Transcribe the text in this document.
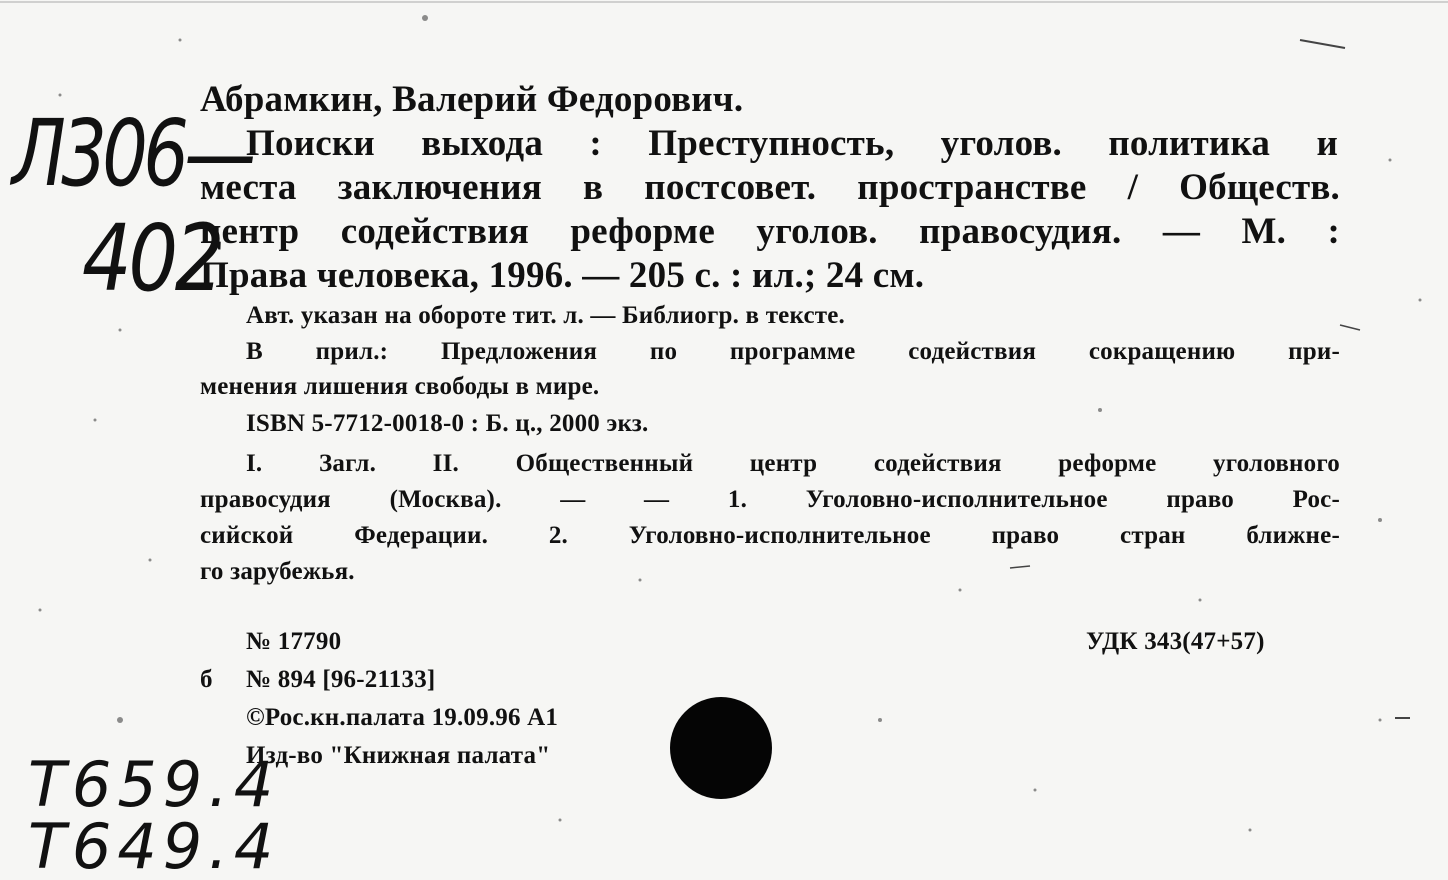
Л306—
402
Абрамкин, Валерий Федорович.
Поиски выхода : Преступность, уголов. политика и
места заключения в постсовет. пространстве / Обществ.
центр содействия реформе уголов. правосудия. — М. :
Права человека, 1996. — 205 с. : ил.; 24 см.
Авт. указан на обороте тит. л. — Библиогр. в тексте.
В прил.: Предложения по программе содействия сокращению при-
менения лишения свободы в мире.
ISBN 5-7712-0018-0 : Б. ц., 2000 экз.
I. Загл. II. Общественный центр содействия реформе уголовного
правосудия (Москва). — — 1. Уголовно-исполнительное право Рос-
сийской Федерации. 2. Уголовно-исполнительное право стран ближне-
го зарубежья.
№ 17790	УДК 343(47+57)
б № 894 [96-21133]
©Рос.кн.палата 19.09.96 А1
Изд-во "Книжная палата"
Т659.4
Т649.4
